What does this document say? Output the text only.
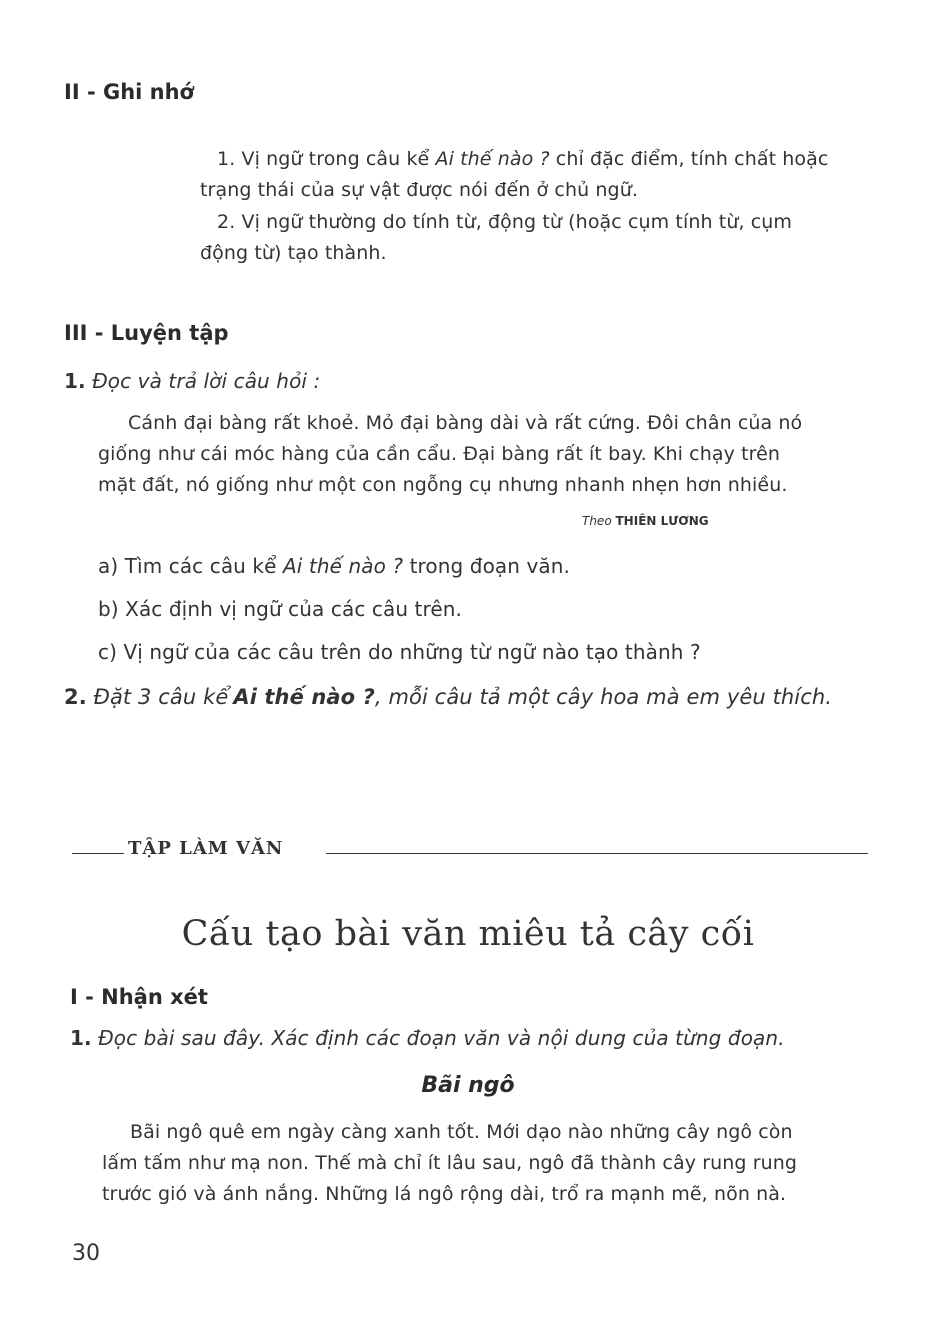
II - Ghi nhớ

1. Vị ngữ trong câu kể Ai thế nào ? chỉ đặc điểm, tính chất hoặc
trạng thái của sự vật được nói đến ở chủ ngữ.

2. Vị ngữ thường do tính từ, động từ (hoặc cụm tính từ, cụm
động từ) tạo thành.

III - Luyện tập

1. Đọc và trả lời câu hỏi :

Cánh đại bàng rất khoẻ. Mỏ đại bàng dài và rất cứng. Đôi chân của nó
giống như cái móc hàng của cần cẩu. Đại bàng rất ít bay. Khi chạy trên
mặt đất, nó giống như một con ngỗng cụ nhưng nhanh nhẹn hơn nhiều.

Theo THIÊN LƯƠNG

a) Tìm các câu kể Ai thế nào ? trong đoạn văn.

b) Xác định vị ngữ của các câu trên.

c) Vị ngữ của các câu trên do những từ ngữ nào tạo thành ?

2. Đặt 3 câu kể Ai thế nào ?, mỗi câu tả một cây hoa mà em yêu thích.

TẬP LÀM VĂN

Cấu tạo bài văn miêu tả cây cối

I - Nhận xét

1. Đọc bài sau đây. Xác định các đoạn văn và nội dung của từng đoạn.

Bãi ngô

Bãi ngô quê em ngày càng xanh tốt. Mới dạo nào những cây ngô còn
lấm tấm như mạ non. Thế mà chỉ ít lâu sau, ngô đã thành cây rung rung
trước gió và ánh nắng. Những lá ngô rộng dài, trổ ra mạnh mẽ, nõn nà.

30
